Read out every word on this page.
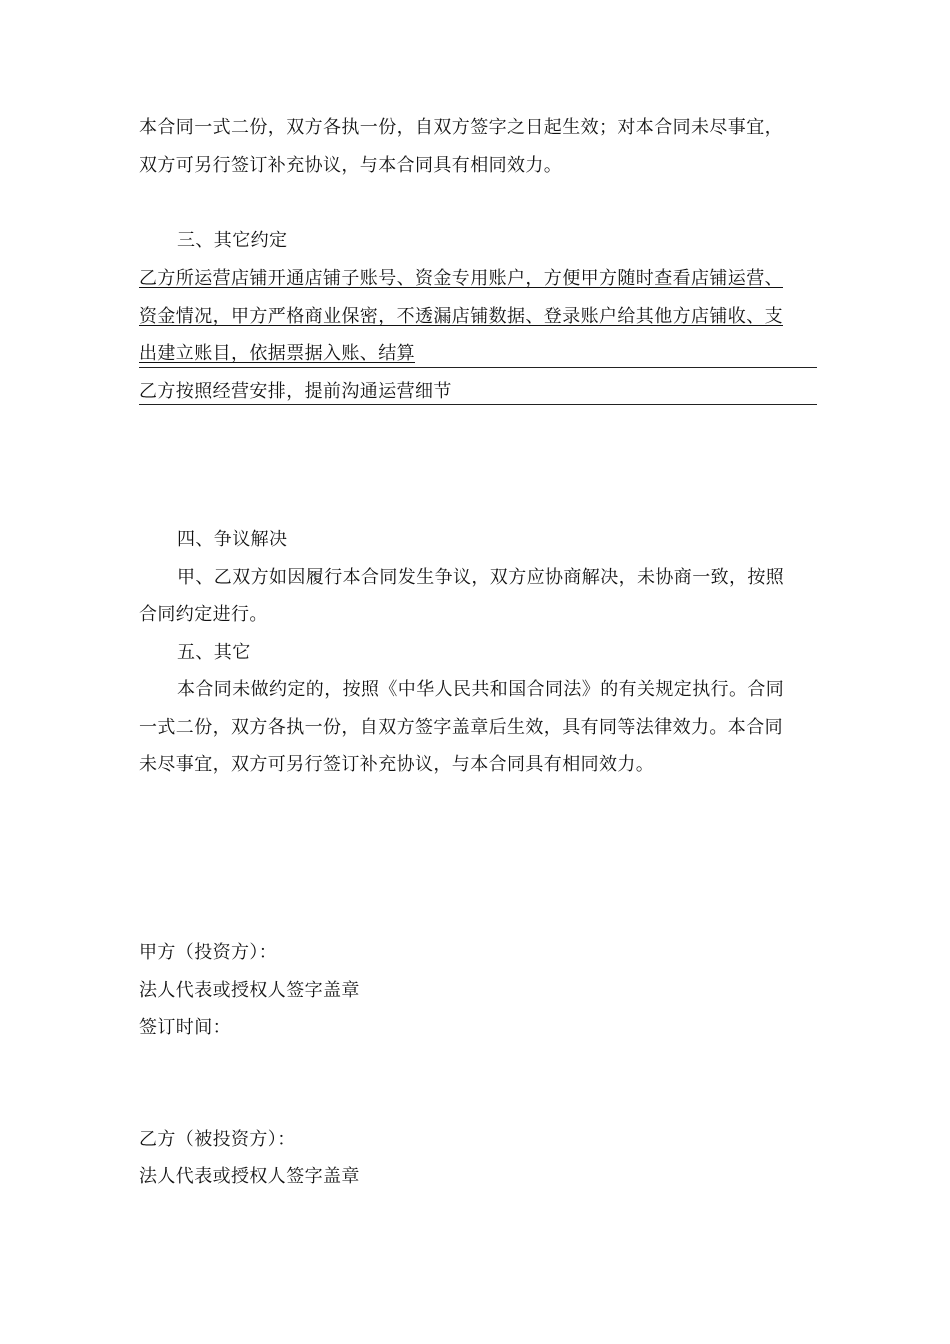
本合同一式二份，双方各执一份，自双方签字之日起生效；对本合同未尽事宜，
双方可另行签订补充协议，与本合同具有相同效力。
三、其它约定
乙方所运营店铺开通店铺子账号、资金专用账户，方便甲方随时查看店铺运营、
资金情况，甲方严格商业保密，不透漏店铺数据、登录账户给其他方店铺收、支
出建立账目，依据票据入账、结算
乙方按照经营安排，提前沟通运营细节
四、争议解决
甲、乙双方如因履行本合同发生争议，双方应协商解决，未协商一致，按照
合同约定进行。
五、其它
本合同未做约定的，按照《中华人民共和国合同法》的有关规定执行。合同
一式二份，双方各执一份，自双方签字盖章后生效，具有同等法律效力。本合同
未尽事宜，双方可另行签订补充协议，与本合同具有相同效力。
甲方（投资方）：
法人代表或授权人签字盖章
签订时间：
乙方（被投资方）：
法人代表或授权人签字盖章
